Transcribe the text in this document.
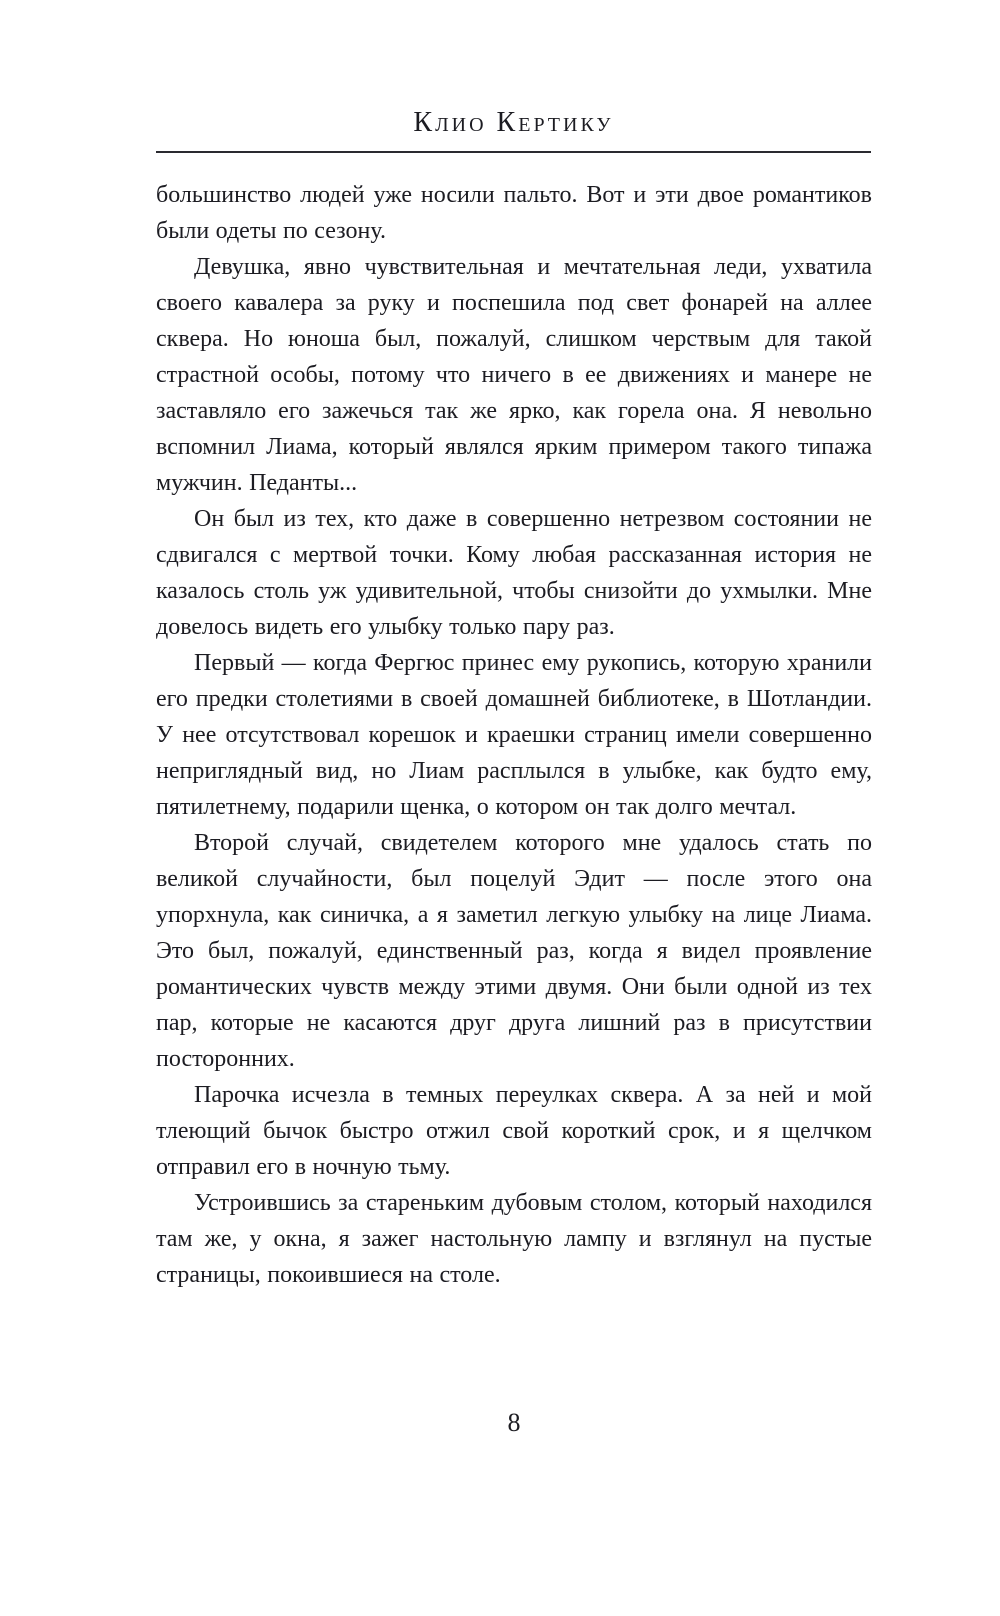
Клио Кертику

большинство людей уже носили пальто. Вот и эти двое романтиков были одеты по сезону.

Девушка, явно чувствительная и мечтательная леди, ухватила своего кавалера за руку и поспешила под свет фонарей на аллее сквера. Но юноша был, пожалуй, слишком черствым для такой страстной особы, потому что ничего в ее движениях и манере не заставляло его зажечься так же ярко, как горела она. Я невольно вспомнил Лиама, который являлся ярким примером такого типажа мужчин. Педанты...

Он был из тех, кто даже в совершенно нетрезвом состоянии не сдвигался с мертвой точки. Кому любая рассказанная история не казалось столь уж удивительной, чтобы снизойти до ухмылки. Мне довелось видеть его улыбку только пару раз.

Первый — когда Фергюс принес ему рукопись, которую хранили его предки столетиями в своей домашней библиотеке, в Шотландии. У нее отсутствовал корешок и краешки страниц имели совершенно неприглядный вид, но Лиам расплылся в улыбке, как будто ему, пятилетнему, подарили щенка, о котором он так долго мечтал.

Второй случай, свидетелем которого мне удалось стать по великой случайности, был поцелуй Эдит — после этого она упорхнула, как синичка, а я заметил легкую улыбку на лице Лиама. Это был, пожалуй, единственный раз, когда я видел проявление романтических чувств между этими двумя. Они были одной из тех пар, которые не касаются друг друга лишний раз в присутствии посторонних.

Парочка исчезла в темных переулках сквера. А за ней и мой тлеющий бычок быстро отжил свой короткий срок, и я щелчком отправил его в ночную тьму.

Устроившись за стареньким дубовым столом, который находился там же, у окна, я зажег настольную лампу и взглянул на пустые страницы, покоившиеся на столе.

8
